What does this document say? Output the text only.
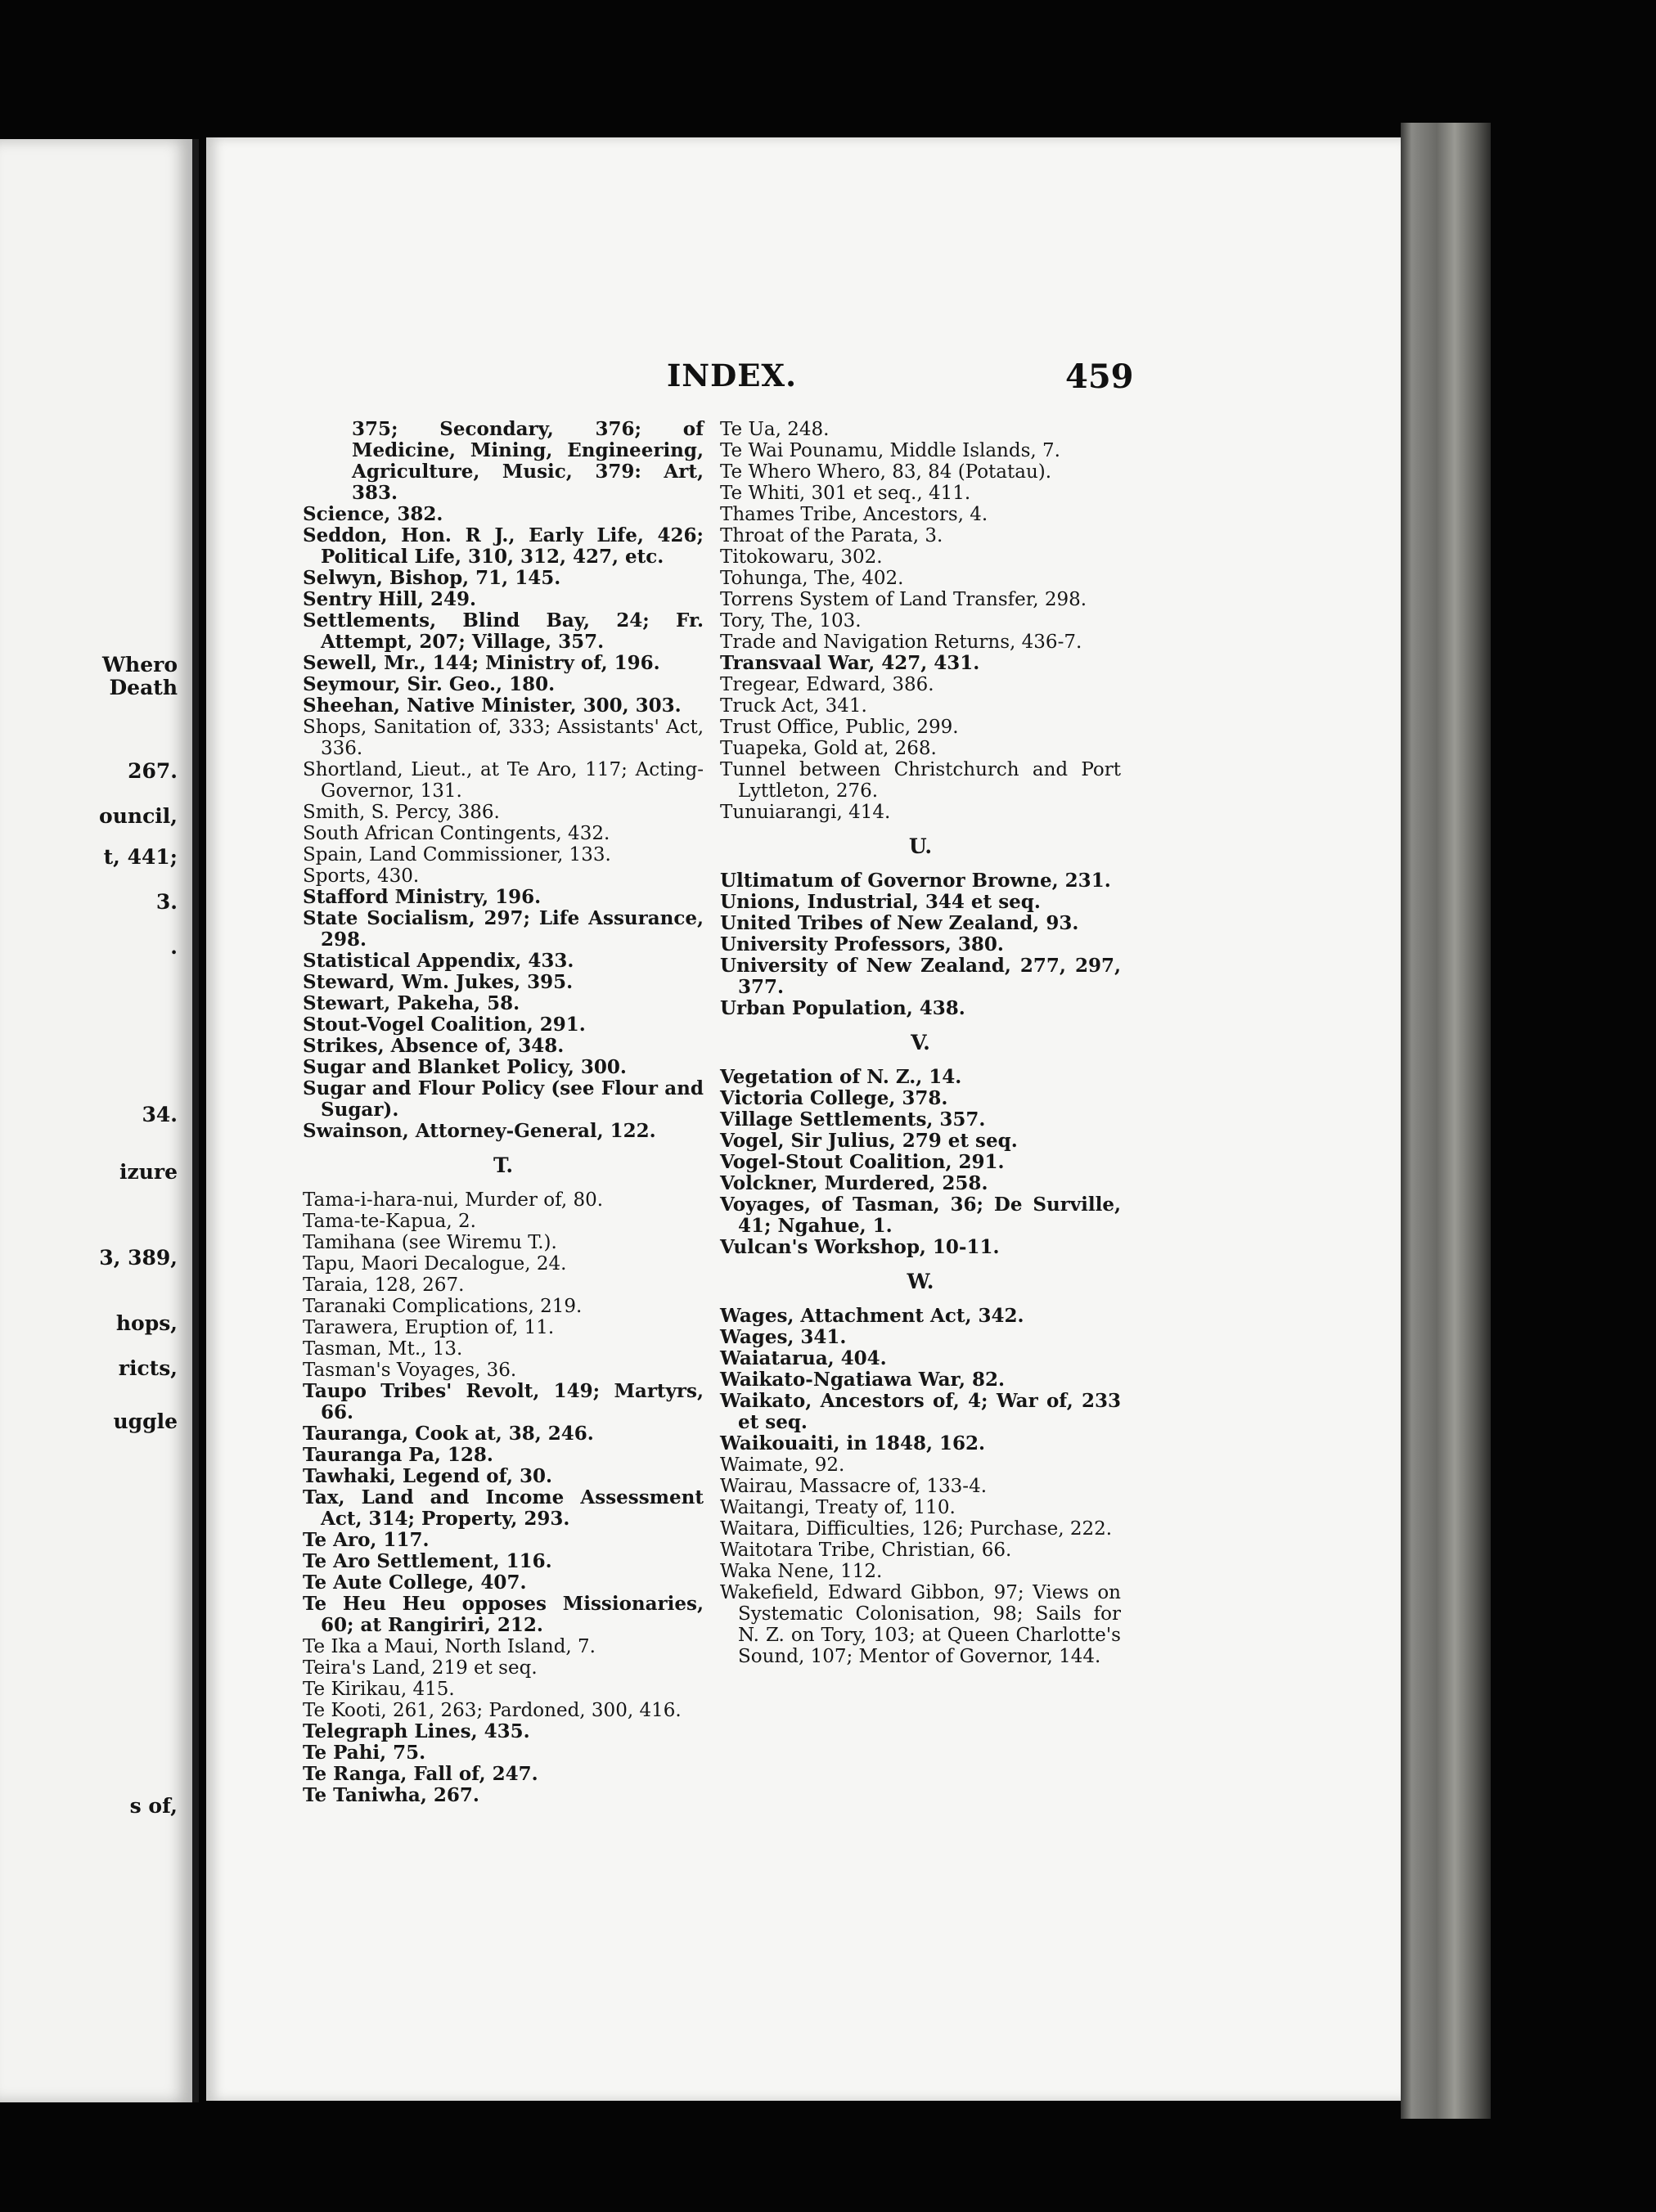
Whero
Death
267.
ouncil,
t, 441;
3.
.
34.
izure
3, 389,
hops,
ricts,
uggle
s of,
INDEX.	459
375; Secondary, 376; of Medicine, Mining, Engineering, Agriculture, Music, 379: Art, 383.
Science, 382.
Seddon, Hon. R J., Early Life, 426; Political Life, 310, 312, 427, etc.
Selwyn, Bishop, 71, 145.
Sentry Hill, 249.
Settlements, Blind Bay, 24; Fr. Attempt, 207; Village, 357.
Sewell, Mr., 144; Ministry of, 196.
Seymour, Sir. Geo., 180.
Sheehan, Native Minister, 300, 303.
Shops, Sanitation of, 333; Assistants' Act, 336.
Shortland, Lieut., at Te Aro, 117; Acting-Governor, 131.
Smith, S. Percy, 386.
South African Contingents, 432.
Spain, Land Commissioner, 133.
Sports, 430.
Stafford Ministry, 196.
State Socialism, 297; Life Assurance, 298.
Statistical Appendix, 433.
Steward, Wm. Jukes, 395.
Stewart, Pakeha, 58.
Stout-Vogel Coalition, 291.
Strikes, Absence of, 348.
Sugar and Blanket Policy, 300.
Sugar and Flour Policy (see Flour and Sugar).
Swainson, Attorney-General, 122.
T.
Tama-i-hara-nui, Murder of, 80.
Tama-te-Kapua, 2.
Tamihana (see Wiremu T.).
Tapu, Maori Decalogue, 24.
Taraia, 128, 267.
Taranaki Complications, 219.
Tarawera, Eruption of, 11.
Tasman, Mt., 13.
Tasman's Voyages, 36.
Taupo Tribes' Revolt, 149; Martyrs, 66.
Tauranga, Cook at, 38, 246.
Tauranga Pa, 128.
Tawhaki, Legend of, 30.
Tax, Land and Income Assessment Act, 314; Property, 293.
Te Aro, 117.
Te Aro Settlement, 116.
Te Aute College, 407.
Te Heu Heu opposes Missionaries, 60; at Rangiriri, 212.
Te Ika a Maui, North Island, 7.
Teira's Land, 219 et seq.
Te Kirikau, 415.
Te Kooti, 261, 263; Pardoned, 300, 416.
Telegraph Lines, 435.
Te Pahi, 75.
Te Ranga, Fall of, 247.
Te Taniwha, 267.
Te Ua, 248.
Te Wai Pounamu, Middle Islands, 7.
Te Whero Whero, 83, 84 (Potatau).
Te Whiti, 301 et seq., 411.
Thames Tribe, Ancestors, 4.
Throat of the Parata, 3.
Titokowaru, 302.
Tohunga, The, 402.
Torrens System of Land Transfer, 298.
Tory, The, 103.
Trade and Navigation Returns, 436-7.
Transvaal War, 427, 431.
Tregear, Edward, 386.
Truck Act, 341.
Trust Office, Public, 299.
Tuapeka, Gold at, 268.
Tunnel between Christchurch and Port Lyttleton, 276.
Tunuiarangi, 414.
U.
Ultimatum of Governor Browne, 231.
Unions, Industrial, 344 et seq.
United Tribes of New Zealand, 93.
University Professors, 380.
University of New Zealand, 277, 297, 377.
Urban Population, 438.
V.
Vegetation of N. Z., 14.
Victoria College, 378.
Village Settlements, 357.
Vogel, Sir Julius, 279 et seq.
Vogel-Stout Coalition, 291.
Volckner, Murdered, 258.
Voyages, of Tasman, 36; De Surville, 41; Ngahue, 1.
Vulcan's Workshop, 10-11.
W.
Wages, Attachment Act, 342.
Wages, 341.
Waiatarua, 404.
Waikato-Ngatiawa War, 82.
Waikato, Ancestors of, 4; War of, 233 et seq.
Waikouaiti, in 1848, 162.
Waimate, 92.
Wairau, Massacre of, 133-4.
Waitangi, Treaty of, 110.
Waitara, Difficulties, 126; Purchase, 222.
Waitotara Tribe, Christian, 66.
Waka Nene, 112.
Wakefield, Edward Gibbon, 97; Views on Systematic Colonisation, 98; Sails for N. Z. on Tory, 103; at Queen Charlotte's Sound, 107; Mentor of Governor, 144.
